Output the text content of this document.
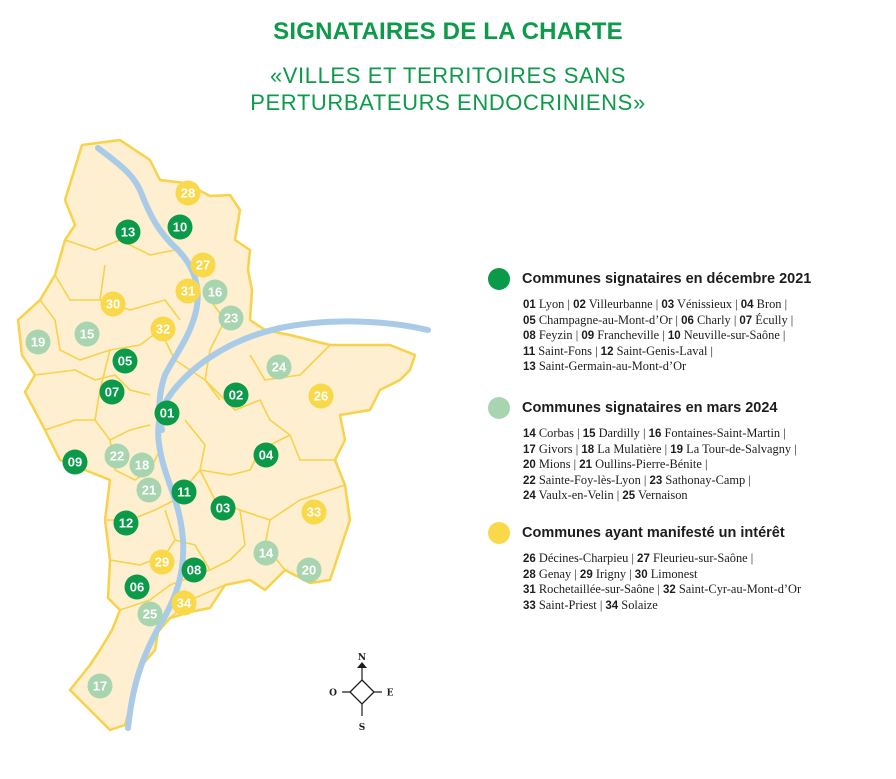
SIGNATAIRES DE LA CHARTE
«VILLES ET TERRITOIRES SANS
PERTURBATEURS ENDOCRINIENS»
01
02
03
04
05
06
07
08
09
10
11
12
13
14
15
16
17
18
19
20
21
22
23
24
25
26
27
28
29
30
31
32
33
34
N
S
E
O
Communes signataires en décembre 2021
01 Lyon | 02 Villeurbanne | 03 Vénissieux | 04 Bron |
05 Champagne-au-Mont-d’Or | 06 Charly | 07 Écully |
08 Feyzin | 09 Francheville | 10 Neuville-sur-Saône |
11 Saint-Fons | 12 Saint-Genis-Laval |
13 Saint-Germain-au-Mont-d’Or
Communes signataires en mars 2024
14 Corbas | 15 Dardilly | 16 Fontaines-Saint-Martin |
17 Givors | 18 La Mulatière | 19 La Tour-de-Salvagny |
20 Mions | 21 Oullins-Pierre-Bénite |
22 Sainte-Foy-lès-Lyon | 23 Sathonay-Camp |
24 Vaulx-en-Velin | 25 Vernaison
Communes ayant manifesté un intérêt
26 Décines-Charpieu | 27 Fleurieu-sur-Saône |
28 Genay | 29 Irigny | 30 Limonest
31 Rochetaillée-sur-Saône | 32 Saint-Cyr-au-Mont-d’Or
33 Saint-Priest | 34 Solaize
